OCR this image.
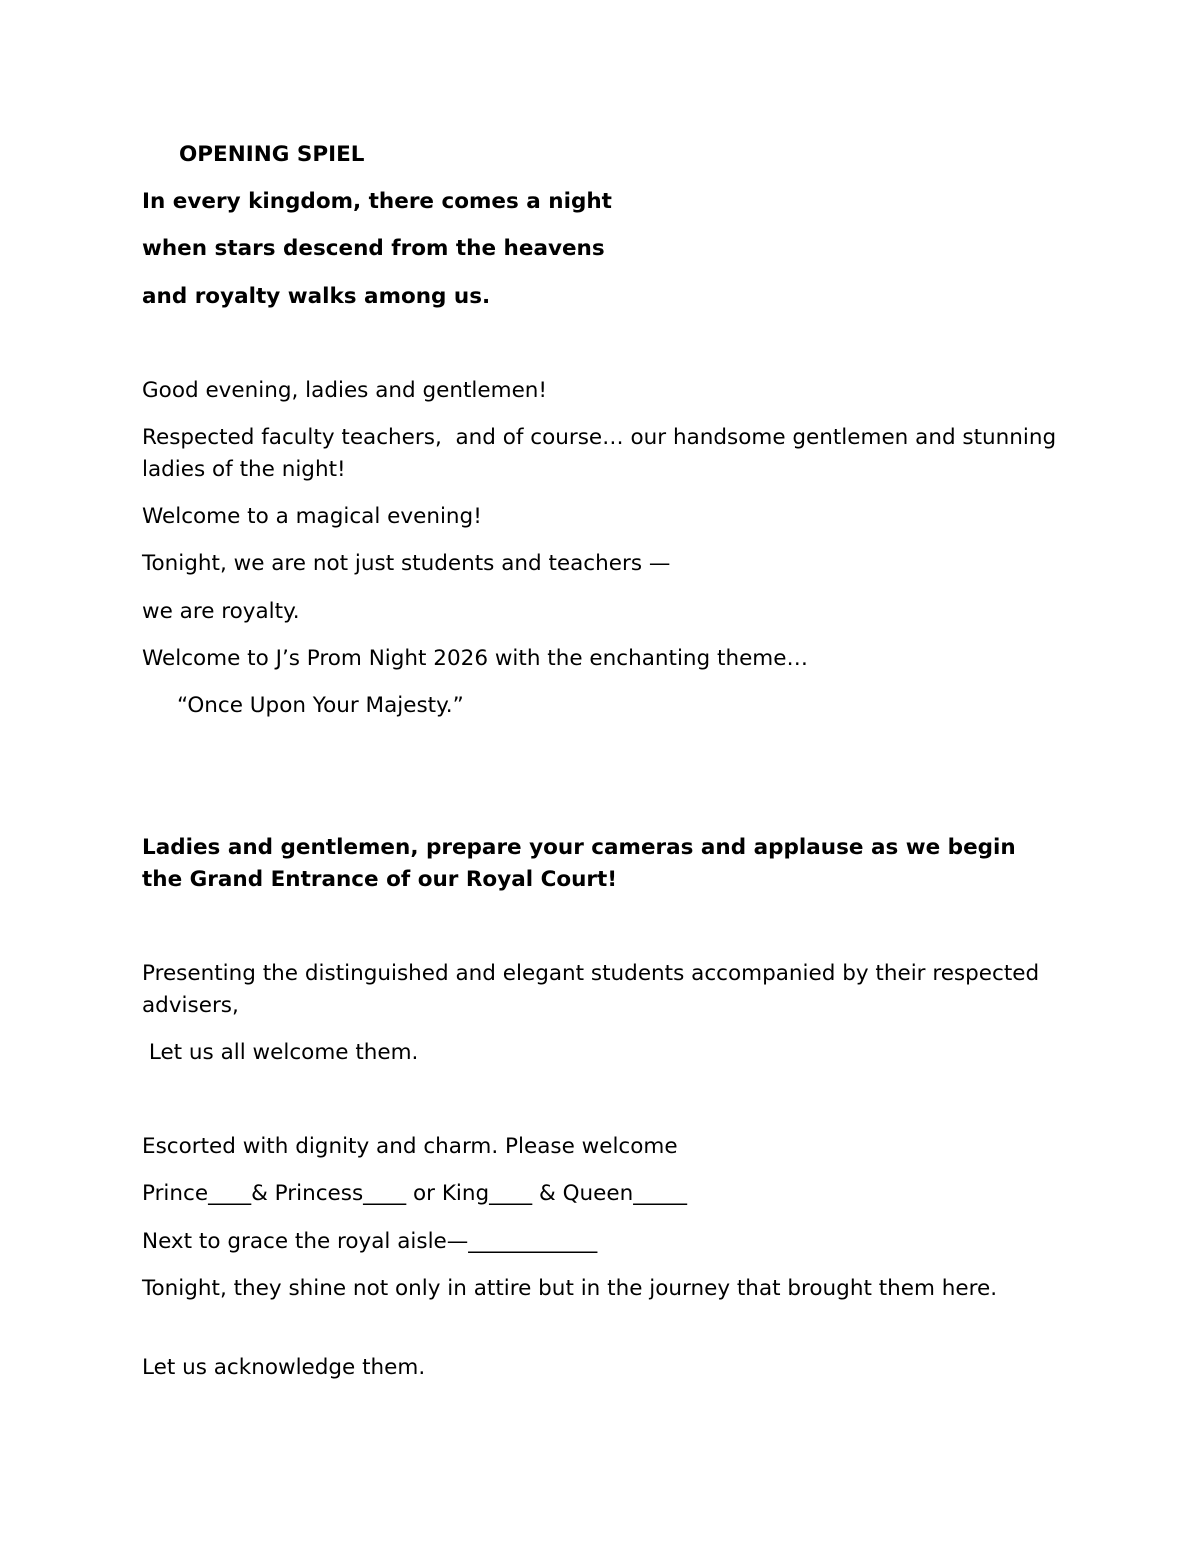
OPENING SPIEL

In every kingdom, there comes a night

when stars descend from the heavens

and royalty walks among us.

Good evening, ladies and gentlemen!

Respected faculty teachers,  and of course… our handsome gentlemen and stunning ladies of the night!

Welcome to a magical evening!

Tonight, we are not just students and teachers —

we are royalty.

Welcome to J’s Prom Night 2026 with the enchanting theme…

“Once Upon Your Majesty.”

Ladies and gentlemen, prepare your cameras and applause as we begin the Grand Entrance of our Royal Court!

Presenting the distinguished and elegant students accompanied by their respected advisers,

Let us all welcome them.

Escorted with dignity and charm. Please welcome

Prince____& Princess____ or King____ & Queen_____

Next to grace the royal aisle—____________

Tonight, they shine not only in attire but in the journey that brought them here.

Let us acknowledge them.
